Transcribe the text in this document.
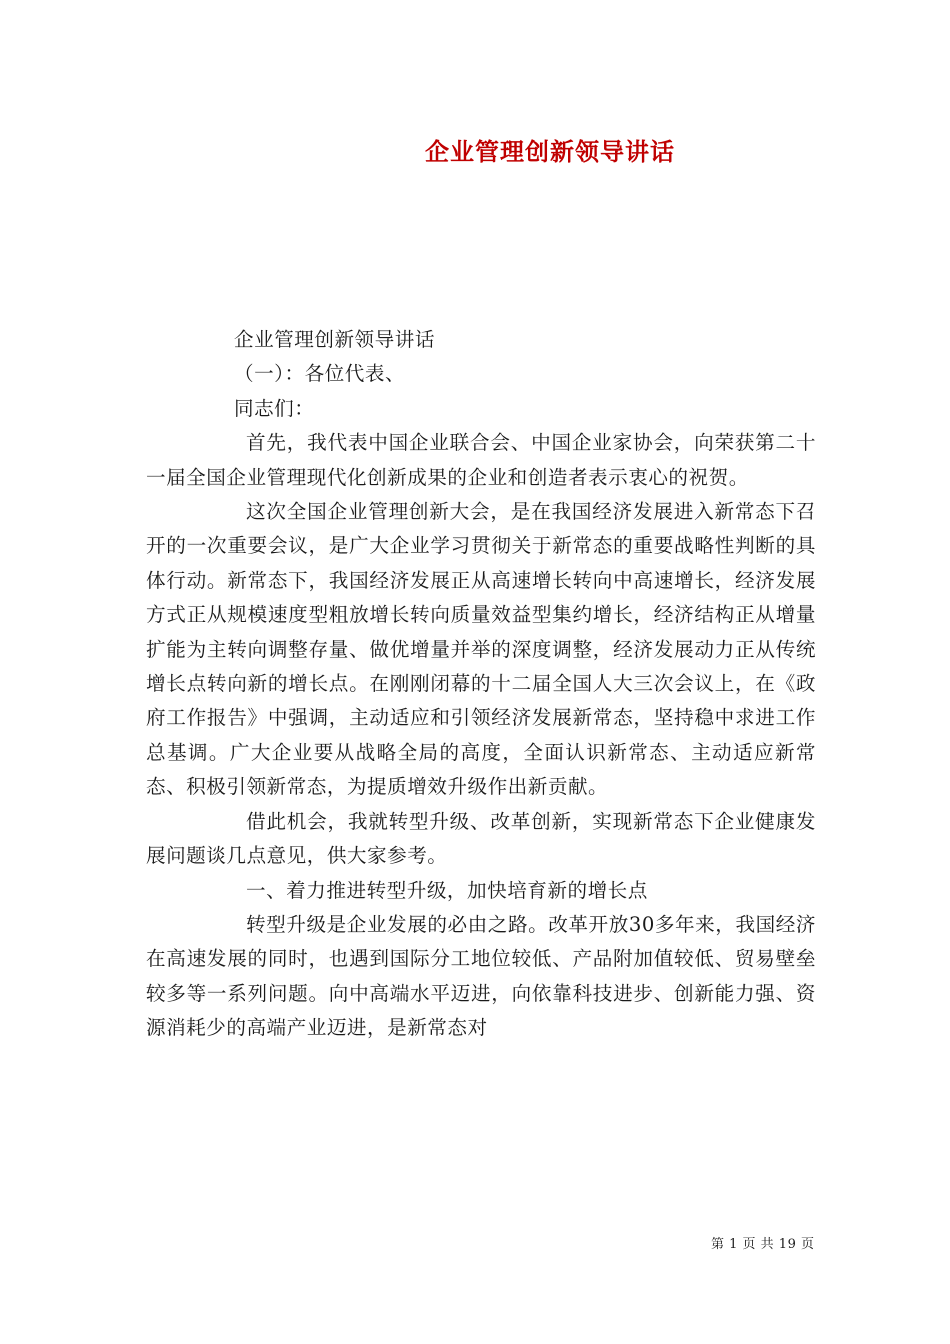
企业管理创新领导讲话

企业管理创新领导讲话

（一）：各位代表、

同志们：

首先，我代表中国企业联合会、中国企业家协会，向荣获第二十一届全国企业管理现代化创新成果的企业和创造者表示衷心的祝贺。

这次全国企业管理创新大会，是在我国经济发展进入新常态下召开的一次重要会议，是广大企业学习贯彻关于新常态的重要战略性判断的具体行动。新常态下，我国经济发展正从高速增长转向中高速增长，经济发展方式正从规模速度型粗放增长转向质量效益型集约增长，经济结构正从增量扩能为主转向调整存量、做优增量并举的深度调整，经济发展动力正从传统增长点转向新的增长点。在刚刚闭幕的十二届全国人大三次会议上，在《政府工作报告》中强调，主动适应和引领经济发展新常态，坚持稳中求进工作总基调。广大企业要从战略全局的高度，全面认识新常态、主动适应新常态、积极引领新常态，为提质增效升级作出新贡献。

借此机会，我就转型升级、改革创新，实现新常态下企业健康发展问题谈几点意见，供大家参考。

一、着力推进转型升级，加快培育新的增长点

转型升级是企业发展的必由之路。改革开放30多年来，我国经济在高速发展的同时，也遇到国际分工地位较低、产品附加值较低、贸易壁垒较多等一系列问题。向中高端水平迈进，向依靠科技进步、创新能力强、资源消耗少的高端产业迈进，是新常态对

第 1 页 共 19 页
